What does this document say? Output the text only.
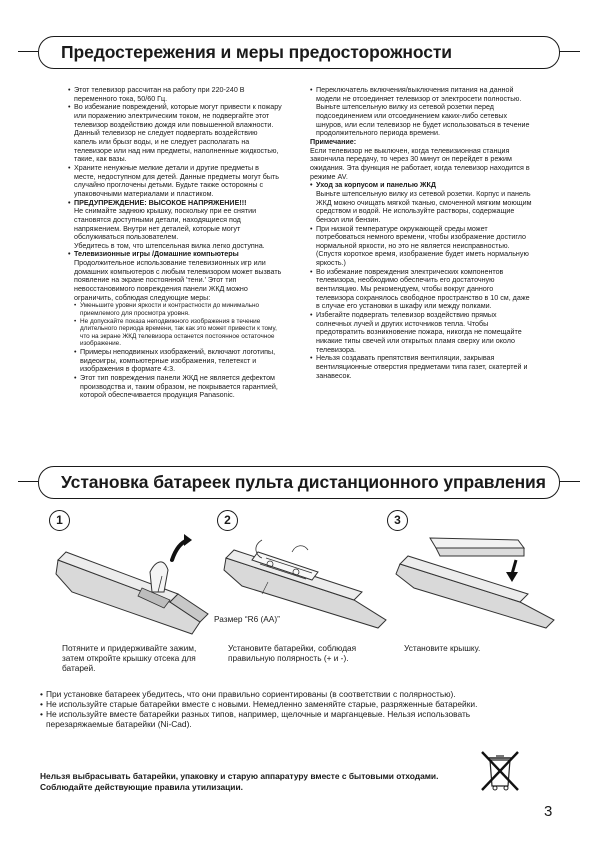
Предостережения и меры предосторожности

• Этот телевизор рассчитан на работу при 220-240 В переменного тока, 50/60 Гц.

• Во избежание повреждений, которые могут привести к пожару или поражению электрическим током, не подвергайте этот телевизор воздействию дождя или повышенной влажности. Данный телевизор не следует подвергать воздействию капель или брызг воды, и не следует располагать на телевизоре или над ним предметы, наполненные жидкостью, такие, как вазы.

• Храните ненужные мелкие детали и другие предметы в месте, недоступном для детей. Данные предметы могут быть случайно проглочены детьми. Будьте также осторожны с упаковочными материалами и пластиком.

• ПРЕДУПРЕЖДЕНИЕ: ВЫСОКОЕ НАПРЯЖЕНИЕ!!!

Не снимайте заднюю крышку, поскольку при ее снятии становятся доступными детали, находящиеся под напряжением. Внутри нет деталей, которые могут обслуживаться пользователем.

Убедитесь в том, что штепсельная вилка легко доступна.

• Телевизионные игры /Домашние компьютеры

Продолжительное использование телевизионных игр или домашних компьютеров с любым телевизором может вызвать появление на экране постоянной 'тени.' Этот тип невосстановимого повреждения панели ЖКД можно ограничить, соблюдая следующие меры:

• Уменьшите уровни яркости и контрастности до минимально приемлемого для просмотра уровня.

• Не допускайте показа неподвижного изображения в течение длительного периода времени, так как это может привести к тому, что на экране ЖКД телевизора останется постоянное остаточное изображение.

• Примеры неподвижных изображений, включают логотипы, видеоигры, компьютерные изображения, телетекст и изображения в формате 4:3.

• Этот тип повреждения панели ЖКД не является дефектом производства и, таким образом, не покрывается гарантией, которой обеспечивается продукция Panasonic.

• Переключатель включения/выключения питания на данной модели не отсоединяет телевизор от электросети полностью.

Выньте штепсельную вилку из сетевой розетки перед подсоединением или отсоединением каких-либо сетевых шнуров, или если телевизор не будет использоваться в течение продолжительного периода времени.

Примечание:

Если телевизор не выключен, когда телевизионная станция закончила передачу, то через 30 минут он перейдет в режим ожидания. Эта функция не работает, когда телевизор находится в режиме AV.

• Уход за корпусом и панелью ЖКД

Выньте штепсельную вилку из сетевой розетки. Корпус и панель ЖКД можно очищать мягкой тканью, смоченной мягким моющим средством и водой. Не используйте растворы, содержащие бензол или бензин.

• При низкой температуре окружающей среды может потребоваться немного времени, чтобы изображение достигло нормальной яркости, но это не является неисправностью. (Спустя короткое время, изображение будет иметь нормальную яркость.)

• Во избежание повреждения электрических компонентов телевизора, необходимо обеспечить его достаточную вентиляцию. Мы рекомендуем, чтобы вокруг данного телевизора сохранялось свободное пространство в 10 см, даже в случае его установки в шкафу или между полками.

• Избегайте подвергать телевизор воздействию прямых солнечных лучей и других источников тепла. Чтобы предотвратить возникновение пожара, никогда не помещайте никакие типы свечей или открытых пламя сверху или около телевизора.

• Нельзя создавать препятствия вентиляции, закрывая вентиляционные отверстия предметами типа газет, скатертей и занавесок.

Установка батареек пульта дистанционного управления
1	2	3
Размер “R6 (AA)”
Потяните и придерживайте зажим, затем откройте крышку отсека для батарей.
Установите батарейки, соблюдая правильную полярность (+ и -).
Установите крышку.

• При установке батареек убедитесь, что они правильно сориентированы (в соответствии с полярностью).

• Не используйте старые батарейки вместе с новыми. Немедленно заменяйте старые, разряженные батарейки.

• Не используйте вместе батарейки разных типов, например, щелочные и марганцевые. Нельзя использовать перезаряжаемые батарейки (Ni-Cad).

Нельзя выбрасывать батарейки, упаковку и старую аппаратуру вместе с бытовыми отходами. Соблюдайте действующие правила утилизации.
3
